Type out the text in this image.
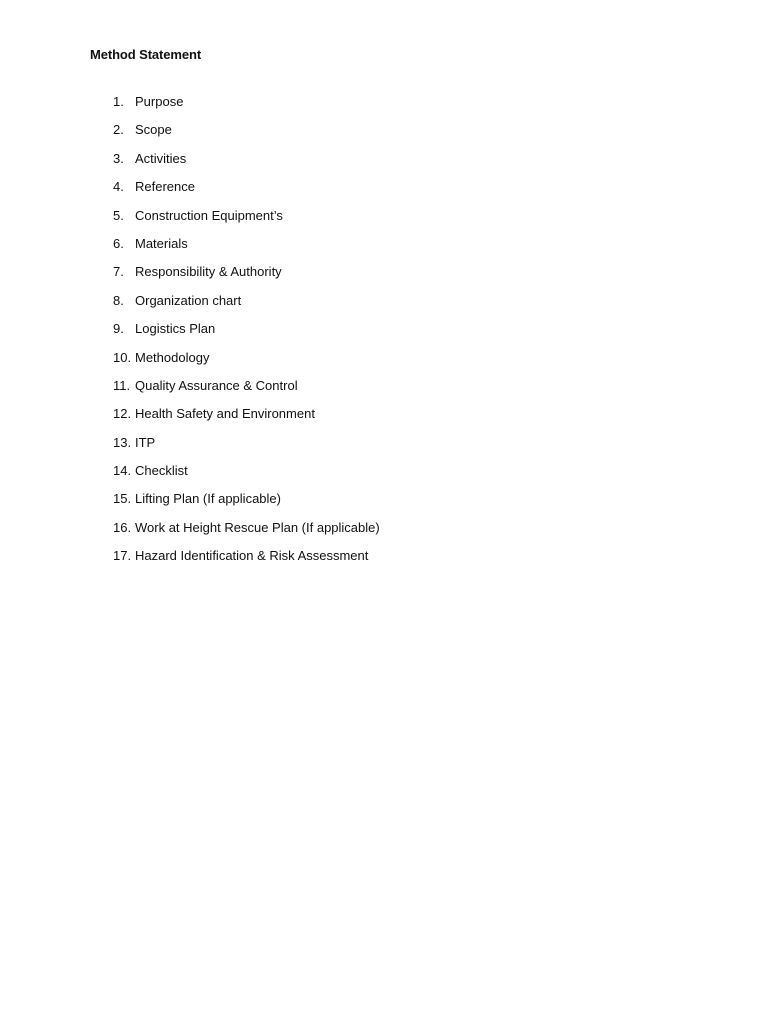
Method Statement
1. Purpose
2. Scope
3. Activities
4. Reference
5. Construction Equipment’s
6. Materials
7. Responsibility & Authority
8. Organization chart
9. Logistics Plan
10. Methodology
11. Quality Assurance & Control
12. Health Safety and Environment
13. ITP
14. Checklist
15. Lifting Plan (If applicable)
16. Work at Height Rescue Plan (If applicable)
17. Hazard Identification & Risk Assessment
